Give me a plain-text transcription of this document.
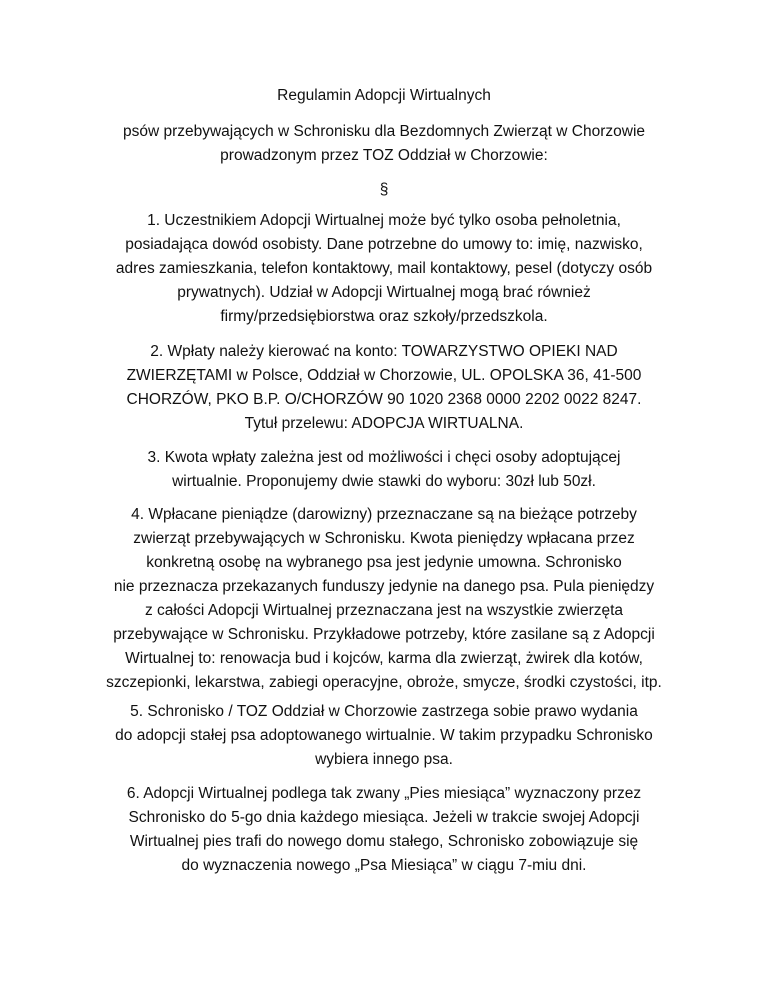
Regulamin Adopcji Wirtualnych
psów przebywających w Schronisku dla Bezdomnych Zwierząt w Chorzowie
prowadzonym przez TOZ Oddział w Chorzowie:
§
1. Uczestnikiem Adopcji Wirtualnej może być tylko osoba pełnoletnia,
posiadająca dowód osobisty. Dane potrzebne do umowy to: imię, nazwisko,
adres zamieszkania, telefon kontaktowy, mail kontaktowy, pesel (dotyczy osób
prywatnych). Udział w Adopcji Wirtualnej mogą brać również
firmy/przedsiębiorstwa oraz szkoły/przedszkola.
2. Wpłaty należy kierować na konto: TOWARZYSTWO OPIEKI NAD
ZWIERZĘTAMI w Polsce, Oddział w Chorzowie, UL. OPOLSKA 36, 41-500
CHORZÓW, PKO B.P. O/CHORZÓW 90 1020 2368 0000 2202 0022 8247.
Tytuł przelewu: ADOPCJA WIRTUALNA.
3. Kwota wpłaty zależna jest od możliwości i chęci osoby adoptującej
wirtualnie. Proponujemy dwie stawki do wyboru: 30zł lub 50zł.
4. Wpłacane pieniądze (darowizny) przeznaczane są na bieżące potrzeby
zwierząt przebywających w Schronisku. Kwota pieniędzy wpłacana przez
konkretną osobę na wybranego psa jest jedynie umowna. Schronisko
nie przeznacza przekazanych funduszy jedynie na danego psa. Pula pieniędzy
z całości Adopcji Wirtualnej przeznaczana jest na wszystkie zwierzęta
przebywające w Schronisku. Przykładowe potrzeby, które zasilane są z Adopcji
Wirtualnej to: renowacja bud i kojców, karma dla zwierząt, żwirek dla kotów,
szczepionki, lekarstwa, zabiegi operacyjne, obroże, smycze, środki czystości, itp.
5. Schronisko / TOZ Oddział w Chorzowie zastrzega sobie prawo wydania
do adopcji stałej psa adoptowanego wirtualnie. W takim przypadku Schronisko
wybiera innego psa.
6. Adopcji Wirtualnej podlega tak zwany „Pies miesiąca” wyznaczony przez
Schronisko do 5-go dnia każdego miesiąca. Jeżeli w trakcie swojej Adopcji
Wirtualnej pies trafi do nowego domu stałego, Schronisko zobowiązuje się
do wyznaczenia nowego „Psa Miesiąca” w ciągu 7-miu dni.
